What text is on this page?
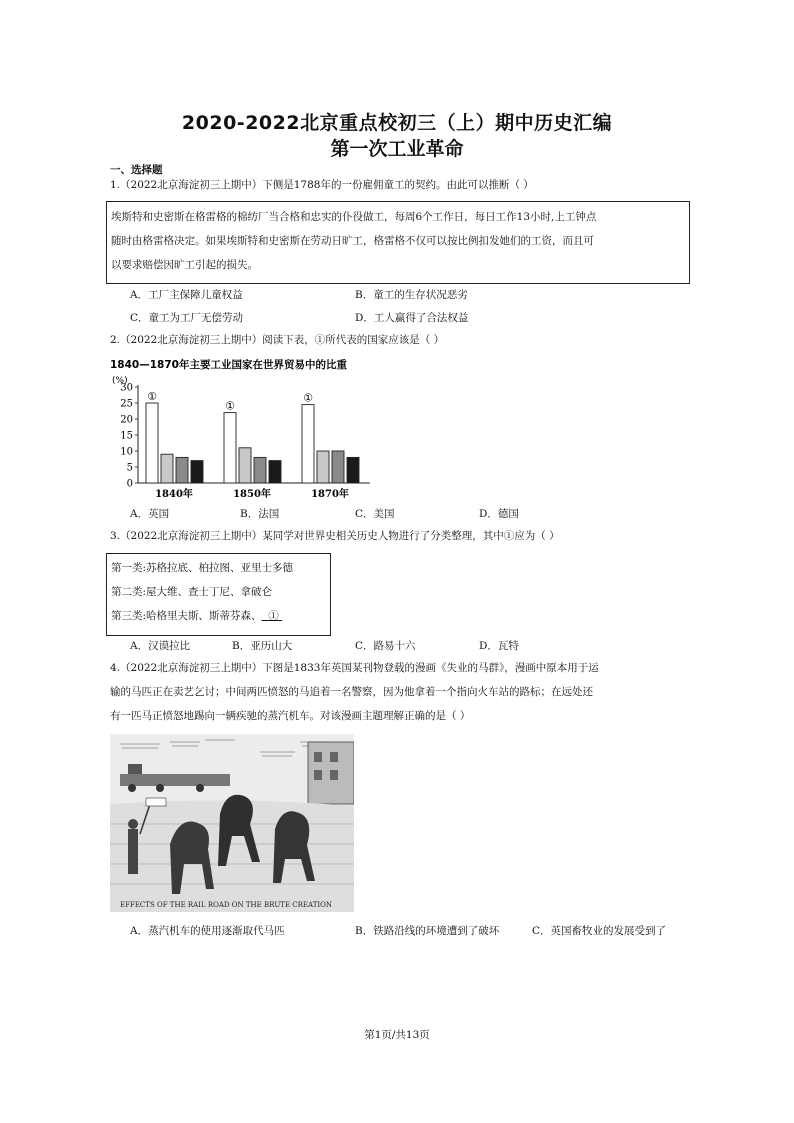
2020-2022北京重点校初三（上）期中历史汇编
第一次工业革命
一、选择题
1.（2022北京海淀初三上期中）下侧是1788年的一份雇佣童工的契约。由此可以推断（ ）

埃斯特和史密斯在格雷格的棉纺厂当合格和忠实的仆役做工，每周6个工作日，每日工作13小时,上工钟点

随时由格雷格决定。如果埃斯特和史密斯在劳动日旷工，格雷格不仅可以按比例扣发她们的工资，而且可

以要求赔偿因旷工引起的损失。

A．工厂主保障儿童权益	B．童工的生存状况恶劣
C．童工为工厂无偿劳动	D．工人赢得了合法权益
2.（2022北京海淀初三上期中）阅读下表，①所代表的国家应该是（ ）
1840—1870年主要工业国家在世界贸易中的比重
(%)
0
5
10
15
20
25
30
①
1840年
①
1850年
①
1870年
A．英国	B．法国	C．美国	D．德国
3.（2022北京海淀初三上期中）某同学对世界史相关历史人物进行了分类整理，其中①应为（ ）

第一类:苏格拉底、柏拉图、亚里士多德

第二类:屋大维、查士丁尼、拿破仑

第三类:哈格里夫斯、斯蒂芬森、 ①

A．汉谟拉比	B．亚历山大	C．路易十六	D．瓦特
4.（2022北京海淀初三上期中）下图是1833年英国某刊物登载的漫画《失业的马群》，漫画中原本用于运
输的马匹正在卖艺乞讨；中间两匹愤怒的马追着一名警察，因为他拿着一个指向火车站的路标；在远处还
有一匹马正愤怒地踢向一辆疾驰的蒸汽机车。对该漫画主题理解正确的是（ ）
EFFECTS OF THE RAIL ROAD ON THE BRUTE CREATION
A．蒸汽机车的使用逐渐取代马匹	B．铁路沿线的环境遭到了破坏	C．英国畜牧业的发展受到了
第1页/共13页
